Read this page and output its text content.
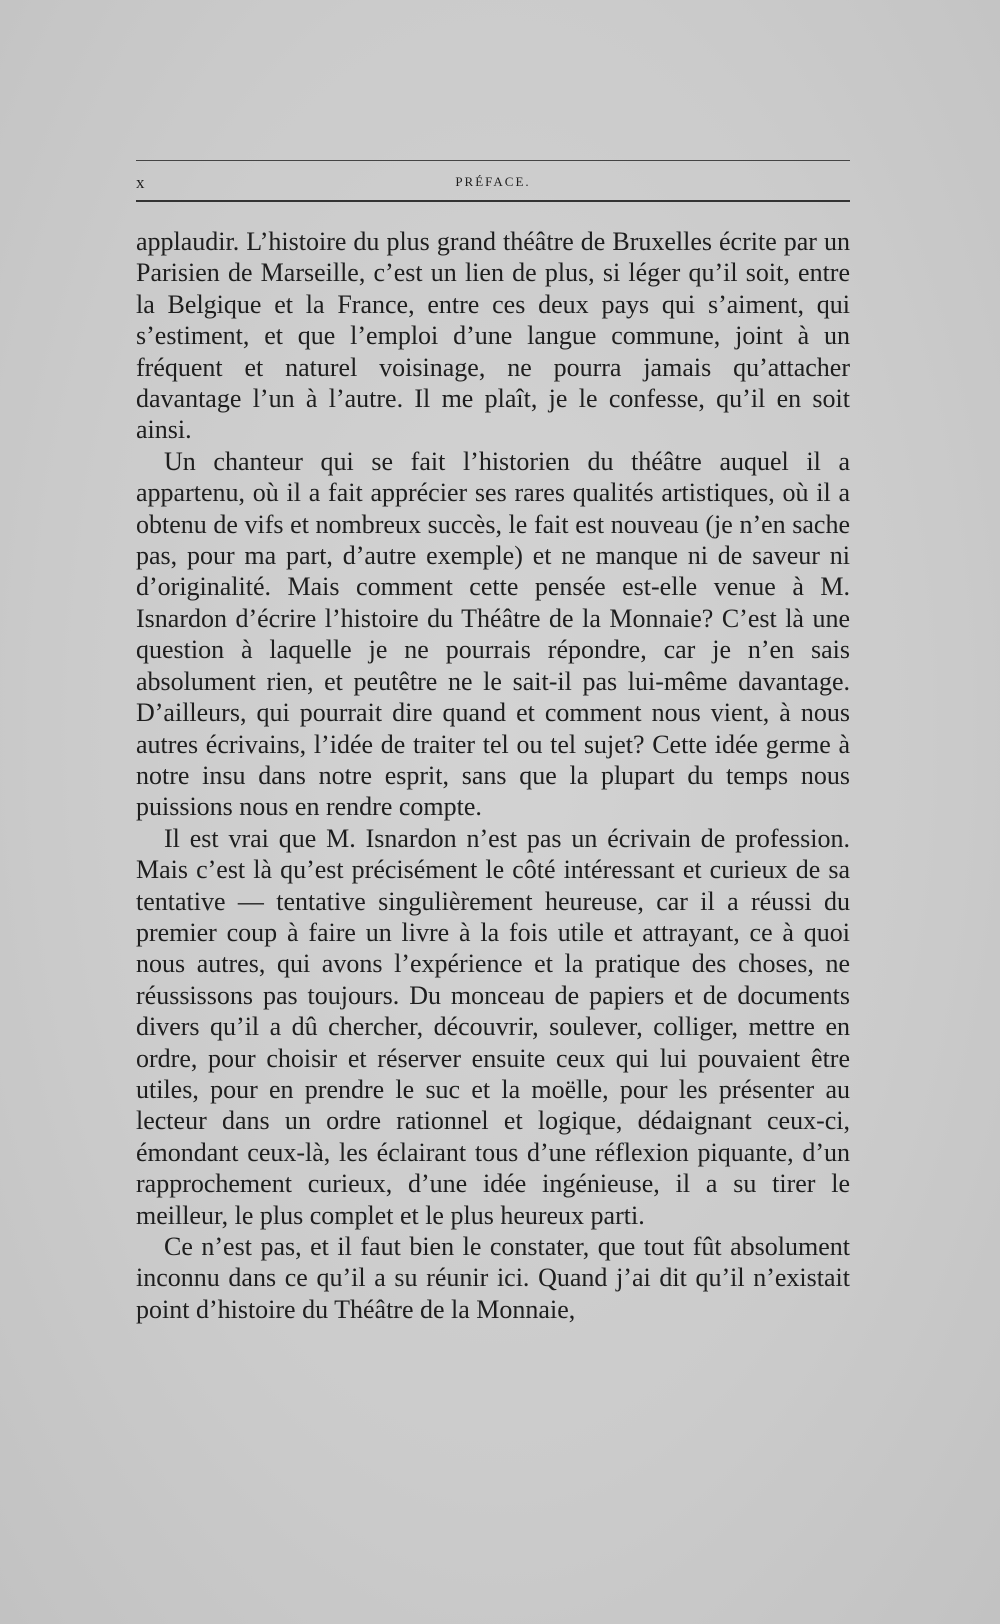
x	PRÉFACE.

applaudir. L’histoire du plus grand théâtre de Bruxelles écrite par un Parisien de Marseille, c’est un lien de plus, si léger qu’il soit, entre la Belgique et la France, entre ces deux pays qui s’aiment, qui s’estiment, et que l’emploi d’une langue commune, joint à un fréquent et naturel voisinage, ne pourra jamais qu’attacher davantage l’un à l’autre. Il me plaît, je le confesse, qu’il en soit ainsi.

Un chanteur qui se fait l’historien du théâtre auquel il a appartenu, où il a fait apprécier ses rares qualités artistiques, où il a obtenu de vifs et nombreux succès, le fait est nouveau (je n’en sache pas, pour ma part, d’autre exemple) et ne manque ni de saveur ni d’originalité. Mais comment cette pensée est-elle venue à M. Isnardon d’écrire l’histoire du Théâtre de la Monnaie? C’est là une question à laquelle je ne pourrais répondre, car je n’en sais absolument rien, et peutêtre ne le sait-il pas lui-même davantage. D’ailleurs, qui pourrait dire quand et comment nous vient, à nous autres écrivains, l’idée de traiter tel ou tel sujet? Cette idée germe à notre insu dans notre esprit, sans que la plupart du temps nous puissions nous en rendre compte.

Il est vrai que M. Isnardon n’est pas un écrivain de profession. Mais c’est là qu’est précisément le côté intéressant et curieux de sa tentative — tentative singulièrement heureuse, car il a réussi du premier coup à faire un livre à la fois utile et attrayant, ce à quoi nous autres, qui avons l’expérience et la pratique des choses, ne réussissons pas toujours. Du monceau de papiers et de documents divers qu’il a dû chercher, découvrir, soulever, colliger, mettre en ordre, pour choisir et réserver ensuite ceux qui lui pouvaient être utiles, pour en prendre le suc et la moëlle, pour les présenter au lecteur dans un ordre rationnel et logique, dédaignant ceux-ci, émondant ceux-là, les éclairant tous d’une réflexion piquante, d’un rapprochement curieux, d’une idée ingénieuse, il a su tirer le meilleur, le plus complet et le plus heureux parti.

Ce n’est pas, et il faut bien le constater, que tout fût absolument inconnu dans ce qu’il a su réunir ici. Quand j’ai dit qu’il n’existait point d’histoire du Théâtre de la Monnaie,
